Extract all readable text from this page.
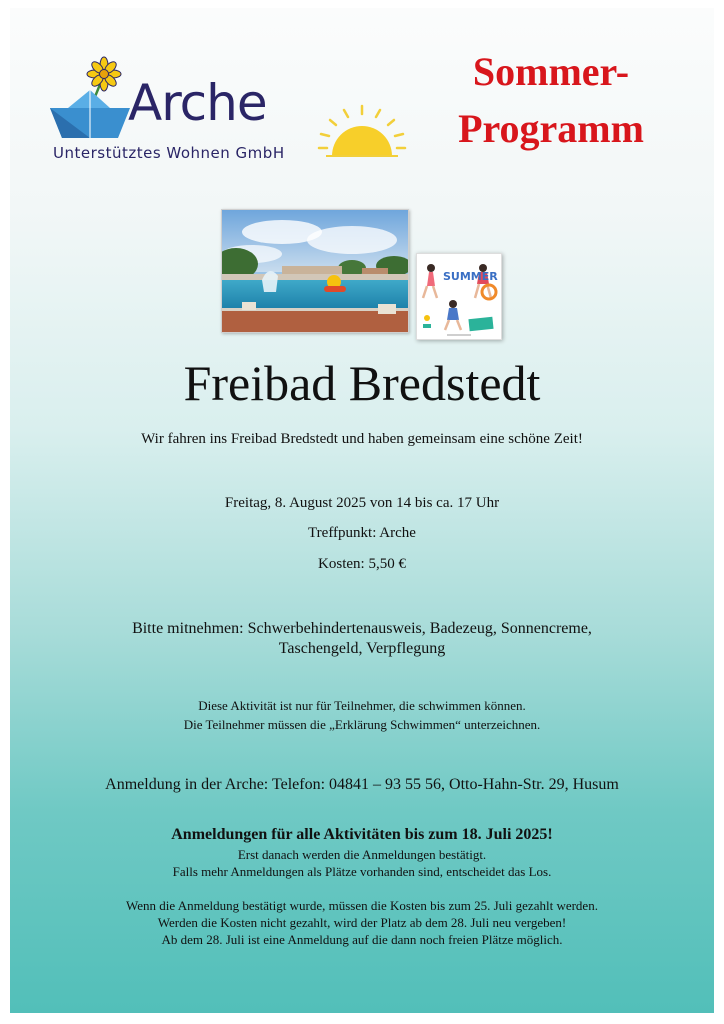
Arche
Unterstütztes Wohnen GmbH
Sommer-
Programm
SUMMER
Freibad Bredstedt
Wir fahren ins Freibad Bredstedt und haben gemeinsam eine schöne Zeit!
Freitag, 8. August 2025 von 14 bis ca. 17 Uhr
Treffpunkt: Arche
Kosten: 5,50 €
Bitte mitnehmen: Schwerbehindertenausweis, Badezeug, Sonnencreme,
Taschengeld, Verpflegung
Diese Aktivität ist nur für Teilnehmer, die schwimmen können.
Die Teilnehmer müssen die „Erklärung Schwimmen“ unterzeichnen.
Anmeldung in der Arche: Telefon: 04841 – 93 55 56, Otto-Hahn-Str. 29, Husum
Anmeldungen für alle Aktivitäten bis zum 18. Juli 2025!
Erst danach werden die Anmeldungen bestätigt.
Falls mehr Anmeldungen als Plätze vorhanden sind, entscheidet das Los.
Wenn die Anmeldung bestätigt wurde, müssen die Kosten bis zum 25. Juli gezahlt werden.
Werden die Kosten nicht gezahlt, wird der Platz ab dem 28. Juli neu vergeben!
Ab dem 28. Juli ist eine Anmeldung auf die dann noch freien Plätze möglich.
